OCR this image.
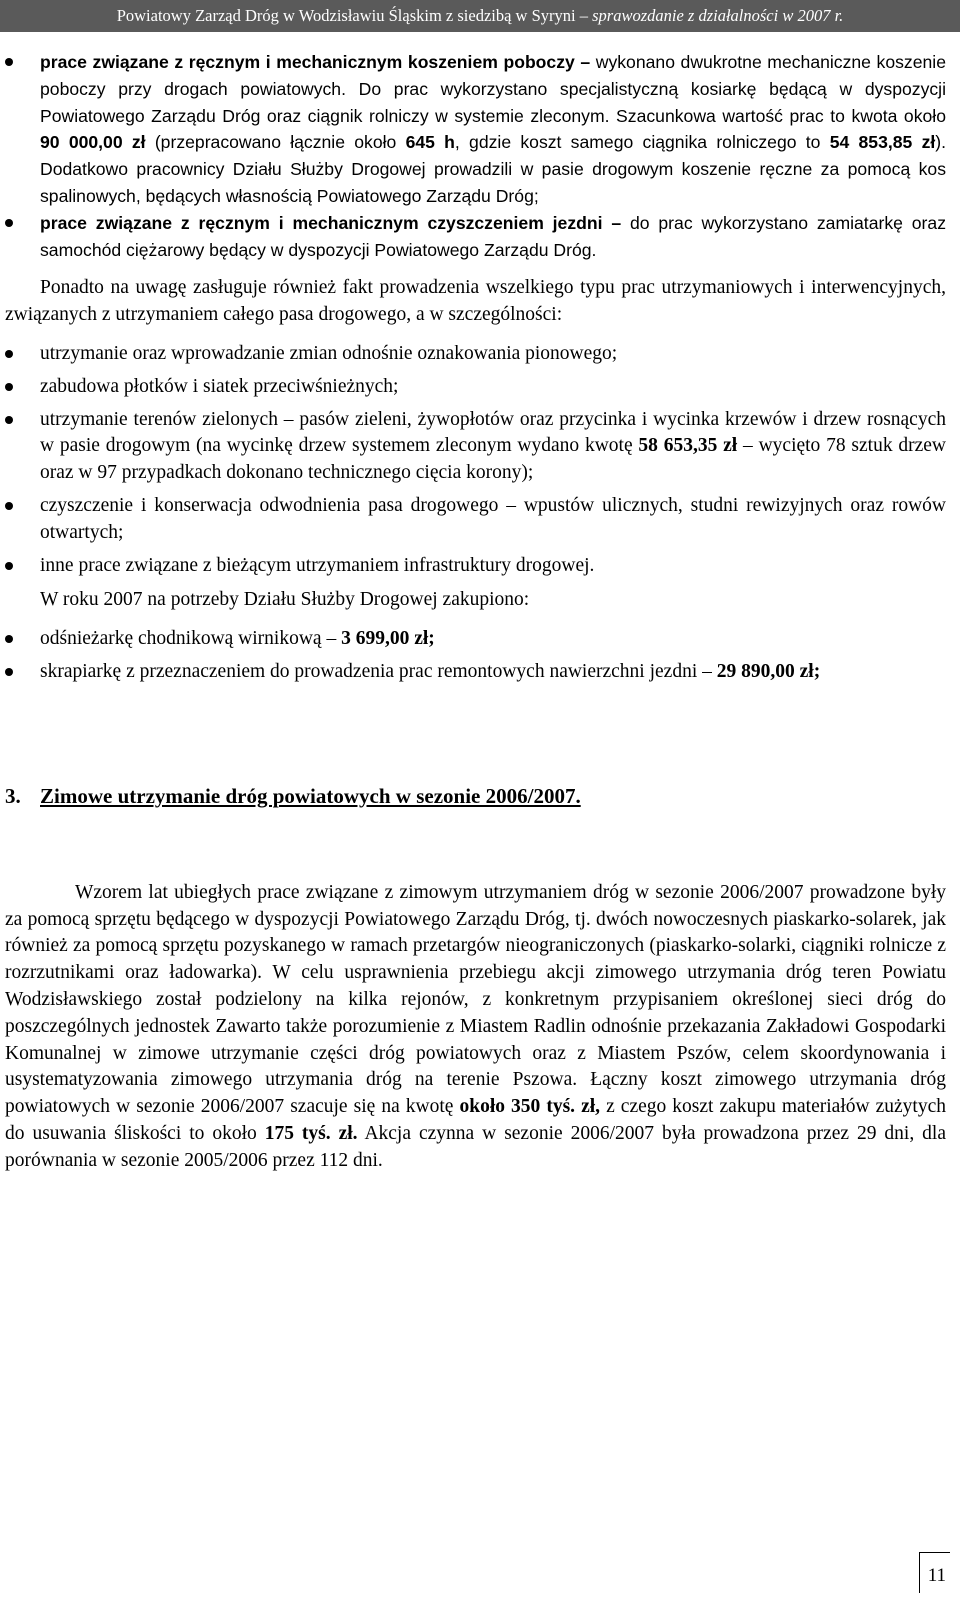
Powiatowy Zarząd Dróg w Wodzisławiu Śląskim z siedzibą w Syryni –
sprawozdanie z działalności w 2007 r.
prace związane z ręcznym i mechanicznym koszeniem poboczy – wykonano dwukrotne mechaniczne koszenie poboczy przy drogach powiatowych. Do prac wykorzystano specjalistyczną kosiarkę będącą w dyspozycji Powiatowego Zarządu Dróg oraz ciągnik rolniczy w systemie zleconym. Szacunkowa wartość prac to kwota około 90 000,00 zł (przepracowano łącznie około 645 h, gdzie koszt samego ciągnika rolniczego to 54 853,85 zł). Dodatkowo pracownicy Działu Służby Drogowej prowadzili w pasie drogowym koszenie ręczne za pomocą kos spalinowych, będących własnością Powiatowego Zarządu Dróg;
prace związane z ręcznym i mechanicznym czyszczeniem jezdni – do prac wykorzystano zamiatarkę oraz samochód ciężarowy będący w dyspozycji Powiatowego Zarządu Dróg.

Ponadto na uwagę zasługuje również fakt prowadzenia wszelkiego typu prac utrzymaniowych i interwencyjnych, związanych z utrzymaniem całego pasa drogowego, a w szczególności:

utrzymanie oraz wprowadzanie zmian odnośnie oznakowania pionowego;
zabudowa płotków i siatek przeciwśnieżnych;
utrzymanie terenów zielonych – pasów zieleni, żywopłotów oraz przycinka i wycinka krzewów i drzew rosnących w pasie drogowym (na wycinkę drzew systemem zleconym wydano kwotę 58 653,35 zł – wycięto 78 sztuk drzew oraz w 97 przypadkach dokonano technicznego cięcia korony);
czyszczenie i konserwacja odwodnienia pasa drogowego – wpustów ulicznych, studni rewizyjnych oraz rowów otwartych;
inne prace związane z bieżącym utrzymaniem infrastruktury drogowej.

W roku 2007 na potrzeby Działu Służby Drogowej zakupiono:

odśnieżarkę chodnikową wirnikową – 3 699,00 zł;
skrapiarkę z przeznaczeniem do prowadzenia prac remontowych nawierzchni jezdni – 29 890,00 zł;
3. Zimowe utrzymanie dróg powiatowych w sezonie 2006/2007.

Wzorem lat ubiegłych prace związane z zimowym utrzymaniem dróg w sezonie 2006/2007 prowadzone były za pomocą sprzętu będącego w dyspozycji Powiatowego Zarządu Dróg, tj. dwóch nowoczesnych piaskarko-solarek, jak również za pomocą sprzętu pozyskanego w ramach przetargów nieograniczonych (piaskarko-solarki, ciągniki rolnicze z rozrzutnikami oraz ładowarka). W celu usprawnienia przebiegu akcji zimowego utrzymania dróg teren Powiatu Wodzisławskiego został podzielony na kilka rejonów, z konkretnym przypisaniem określonej sieci dróg do poszczególnych jednostek Zawarto także porozumienie z Miastem Radlin odnośnie przekazania Zakładowi Gospodarki Komunalnej w zimowe utrzymanie części dróg powiatowych oraz z Miastem Pszów, celem skoordynowania i usystematyzowania zimowego utrzymania dróg na terenie Pszowa. Łączny koszt zimowego utrzymania dróg powiatowych w sezonie 2006/2007 szacuje się na kwotę około 350 tyś. zł, z czego koszt zakupu materiałów zużytych do usuwania śliskości to około 175 tyś. zł. Akcja czynna w sezonie 2006/2007 była prowadzona przez 29 dni, dla porównania w sezonie 2005/2006 przez 112 dni.

11
